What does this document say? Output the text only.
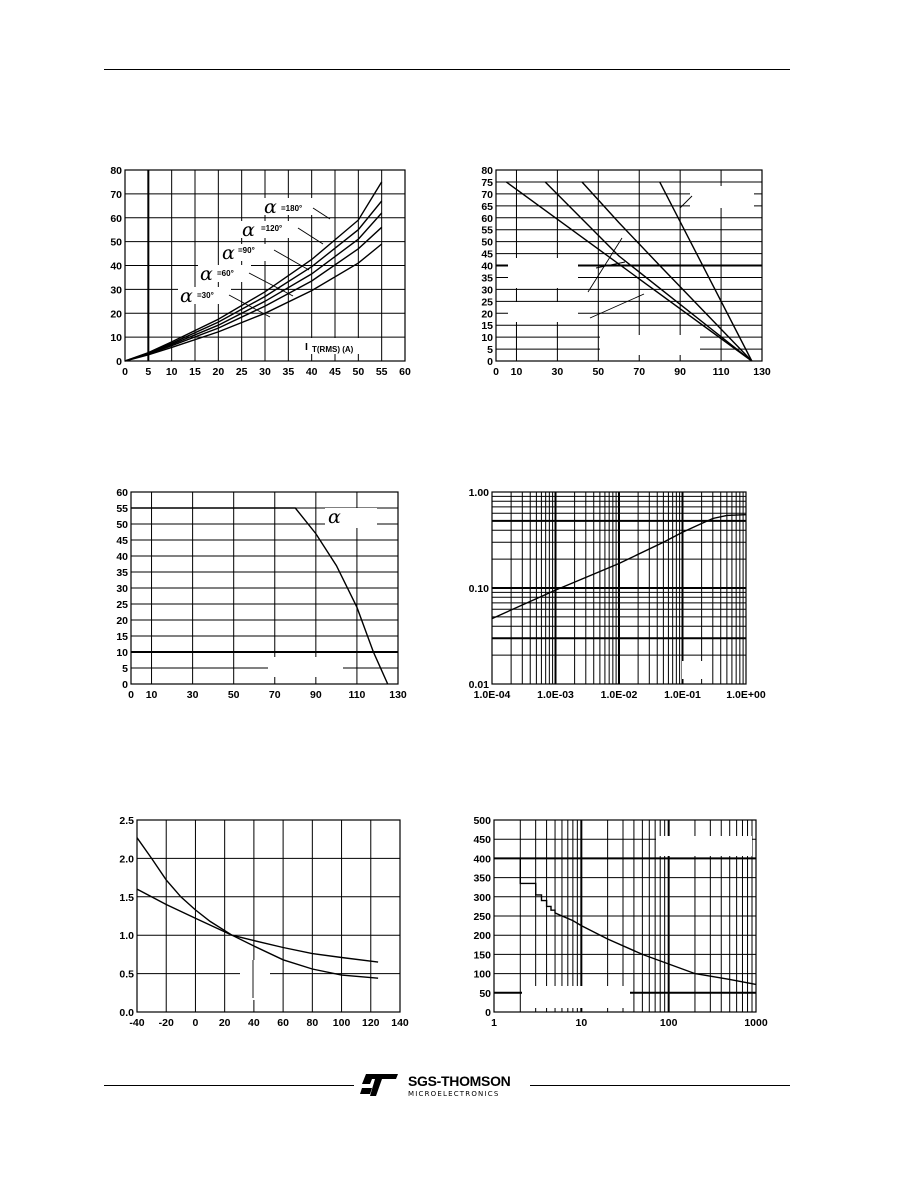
0 5 10 15 20 25 30 35 40 45 50 55 60
0
10
20
30
40
50
60
70
80
I T(RMS) (A)
α =180°
α =120°
α =90°
α =60°
α =30°
0 10	30	50	70	90	110 130
0
5
10
15
20
25
30
35
40
45
50
55
60
65
70
75
80
0 10	30	50	70	90	110 130
0
5
10
15
20
25
30
35
40
45
50
55
60
α
1.0E-04	1.0E-03	1.0E-02	1.0E-01 1.0E+00
0.01
0.10
1.00
-40 -20 0 20 40 60 80 100 120 140
0.0
0.5
1.0
1.5
2.0
2.5
1	10	100	1000
0
50
100
150
200
250
300
350
400
450
500
SGS-THOMSON
MICROELECTRONICS
